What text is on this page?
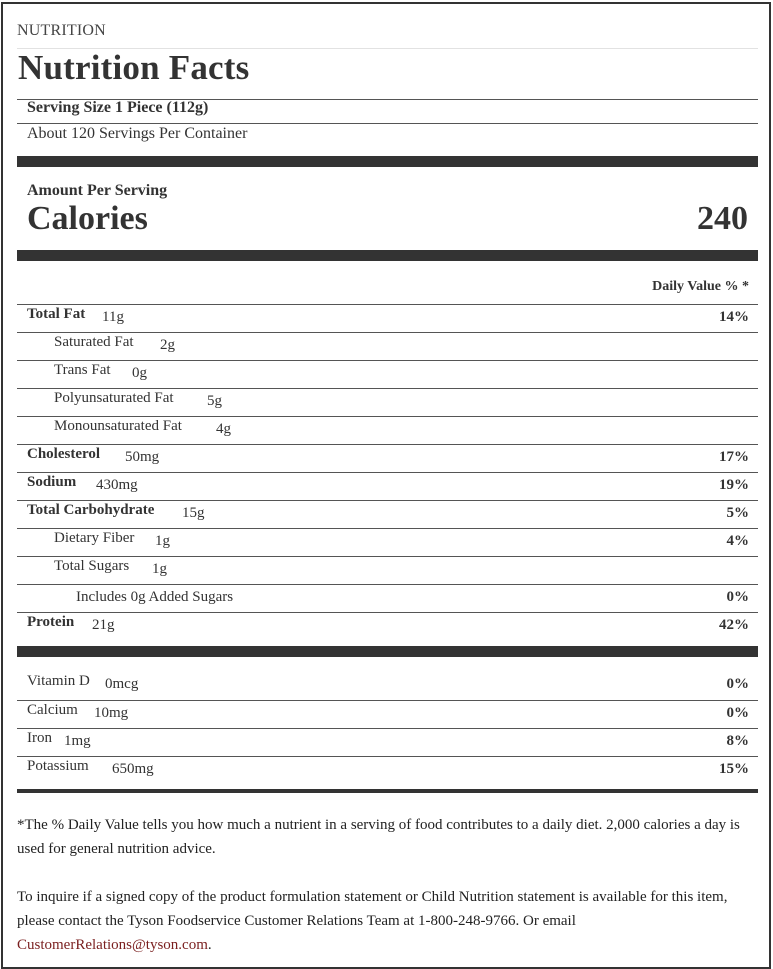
NUTRITION
Nutrition Facts
Serving Size 1 Piece (112g)
About 120 Servings Per Container
Amount Per Serving
Calories	240
Daily Value % *
Total Fat 11g	14%
Saturated Fat 2g
Trans Fat 0g
Polyunsaturated Fat 5g
Monounsaturated Fat 4g
Cholesterol 50mg	17%
Sodium 430mg	19%
Total Carbohydrate 15g	5%
Dietary Fiber 1g	4%
Total Sugars 1g
Includes 0g Added Sugars	0%
Protein 21g	42%
Vitamin D 0mcg	0%
Calcium 10mg	0%
Iron 1mg	8%
Potassium 650mg	15%
*The % Daily Value tells you how much a nutrient in a serving of food contributes to a daily diet. 2,000 calories a day is used for general nutrition advice.
To inquire if a signed copy of the product formulation statement or Child Nutrition statement is available for this item, please contact the Tyson Foodservice Customer Relations Team at 1-800-248-9766. Or email CustomerRelations@tyson.com.
